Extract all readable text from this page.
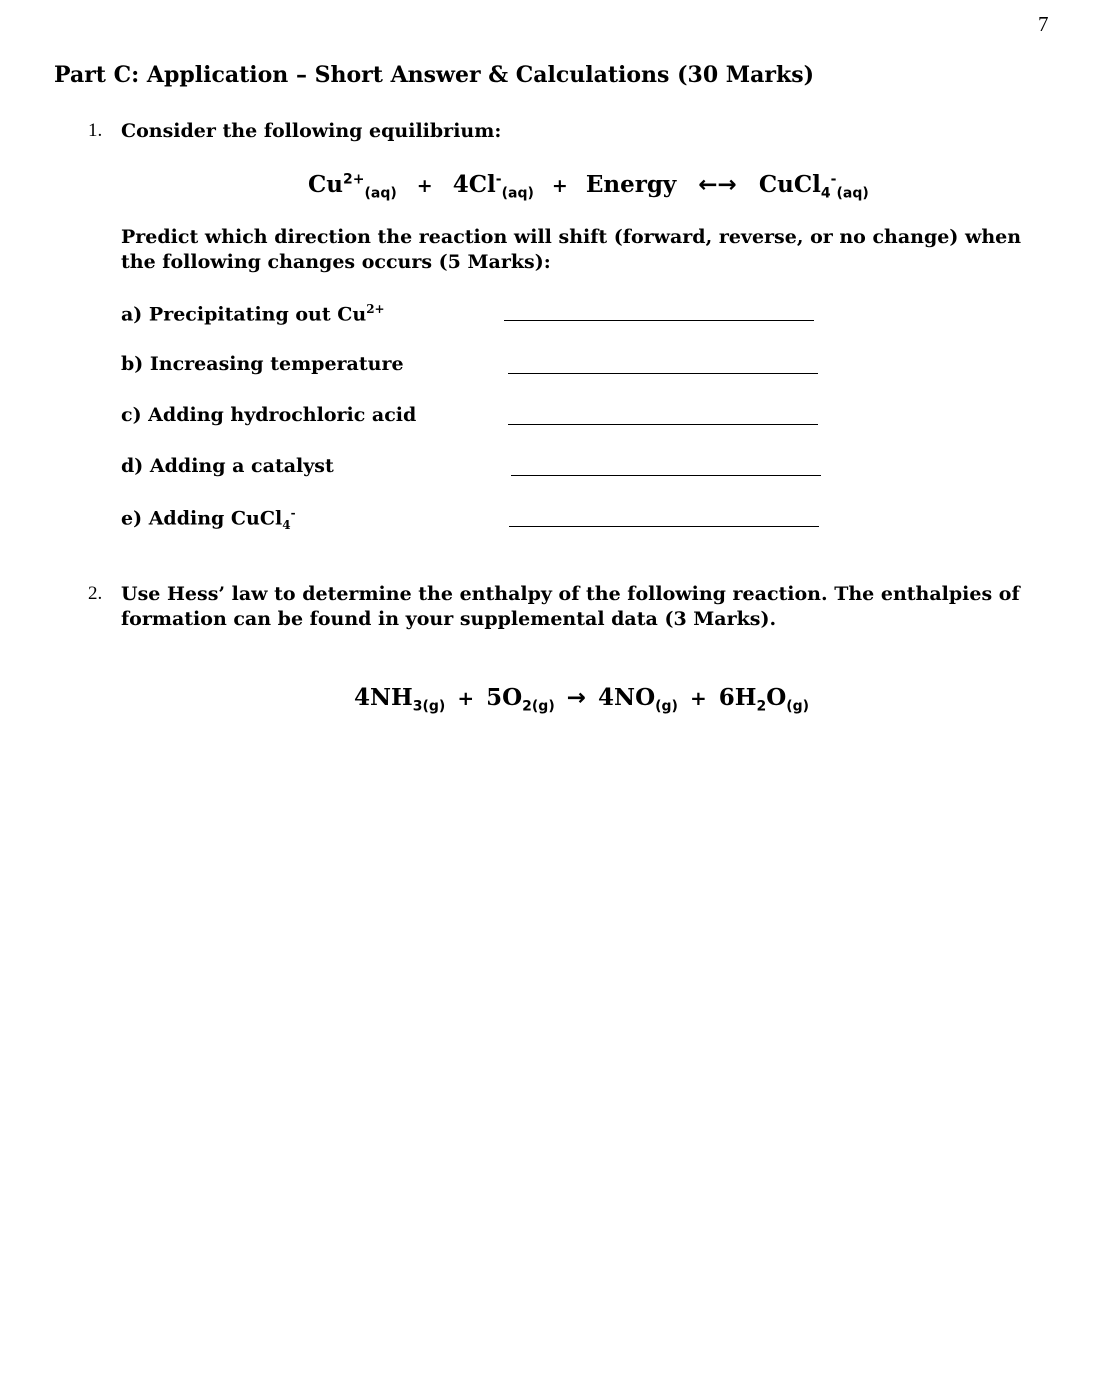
7
Part C: Application – Short Answer & Calculations (30 Marks)
1. Consider the following equilibrium:
$Cu^{2+}_{(aq)} + 4Cl^-_{(aq)}$ + Energy ←→ CuCl$_4$-$_{(aq)}$
Predict which direction the reaction will shift (forward, reverse, or no change) when the following changes occurs (5 Marks):
a) Precipitating out $Cu^{2+}$
b) Increasing temperature
c) Adding hydrochloric acid
d) Adding a catalyst
e) Adding CuCl$_4$-
2. Use Hess’ law to determine the enthalpy of the following reaction. The enthalpies of formation can be found in your supplemental data (3 Marks).
$4NH_{3(g)} + 5O_{2(g)} \to 4NO_{(g)} + 6H_2O_{(g)}$
